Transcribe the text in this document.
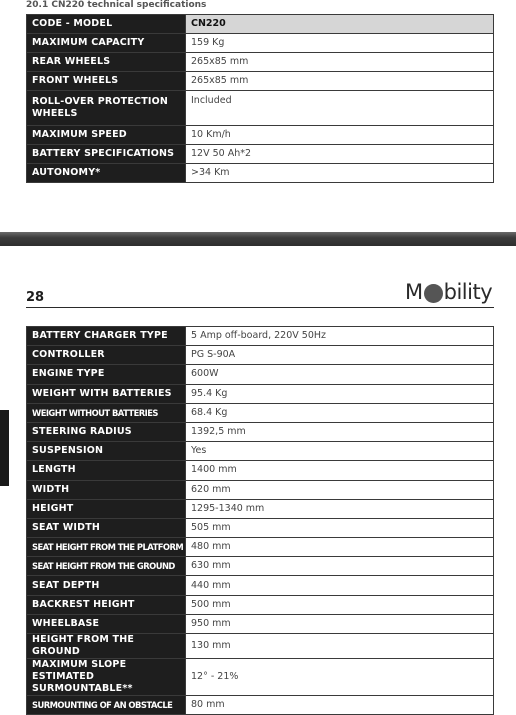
20.1 CN220 technical specifications
CODE - MODEL	CN220
MAXIMUM CAPACITY	159 Kg
REAR WHEELS	265x85 mm
FRONT WHEELS	265x85 mm
ROLL-OVER PROTECTION WHEELS	Included
MAXIMUM SPEED	10 Km/h
BATTERY SPECIFICATIONS	12V 50 Ah*2
AUTONOMY*	>34 Km
28	M bility
BATTERY CHARGER TYPE	5 Amp off-board, 220V 50Hz
CONTROLLER	PG S-90A
ENGINE TYPE	600W
WEIGHT WITH BATTERIES	95.4 Kg
WEIGHT WITHOUT BATTERIES	68.4 Kg
STEERING RADIUS	1392,5 mm
SUSPENSION	Yes
LENGTH	1400 mm
WIDTH	620 mm
HEIGHT	1295-1340 mm
SEAT WIDTH	505 mm
SEAT HEIGHT FROM THE PLATFORM	480 mm
SEAT HEIGHT FROM THE GROUND	630 mm
SEAT DEPTH	440 mm
BACKREST HEIGHT	500 mm
WHEELBASE	950 mm
HEIGHT FROM THE GROUND	130 mm
MAXIMUM SLOPE ESTIMATED SURMOUNTABLE**	12° - 21%
SURMOUNTING OF AN OBSTACLE	80 mm
